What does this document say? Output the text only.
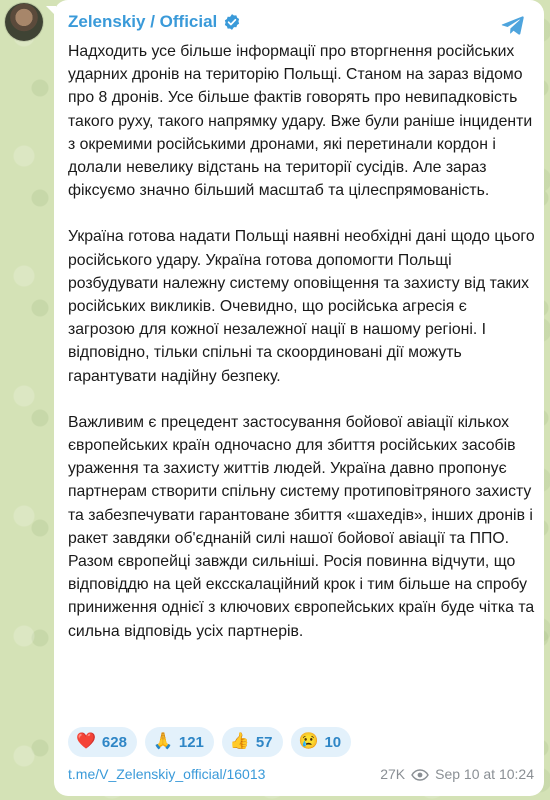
Zelenskiy / Official

Надходить усе більше інформації про вторгнення російських ударних дронів на територію Польщі. Станом на зараз відомо про 8 дронів. Усе більше фактів говорять про невипадковість такого руху, такого напрямку удару. Вже були раніше інциденти з окремими російськими дронами, які перетинали кордон і долали невелику відстань на території сусідів. Але зараз фіксуємо значно більший масштаб та цілеспрямованість.

Україна готова надати Польщі наявні необхідні дані щодо цього російського удару. Україна готова допомогти Польщі розбудувати належну систему оповіщення та захисту від таких російських викликів. Очевидно, що російська агресія є загрозою для кожної незалежної нації в нашому регіоні. І відповідно, тільки спільні та скоординовані дії можуть гарантувати надійну безпеку.

Важливим є прецедент застосування бойової авіації кількох європейських країн одночасно для збиття російських засобів ураження та захисту життів людей. Україна давно пропонує партнерам створити спільну систему протиповітряного захисту та забезпечувати гарантоване збиття «шахедів», інших дронів і ракет завдяки об'єднаній силі нашої бойової авіації та ППО. Разом європейці завжди сильніші. Росія повинна відчути, що відповіддю на цей ексскалаційний крок і тим більше на спробу приниження однієї з ключових європейських країн буде чітка та сильна відповідь усіх партнерів.

❤️ 628 🙏 121 👍 57 😢 10
t.me/V_Zelenskiy_official/16013	27K Sep 10 at 10:24
